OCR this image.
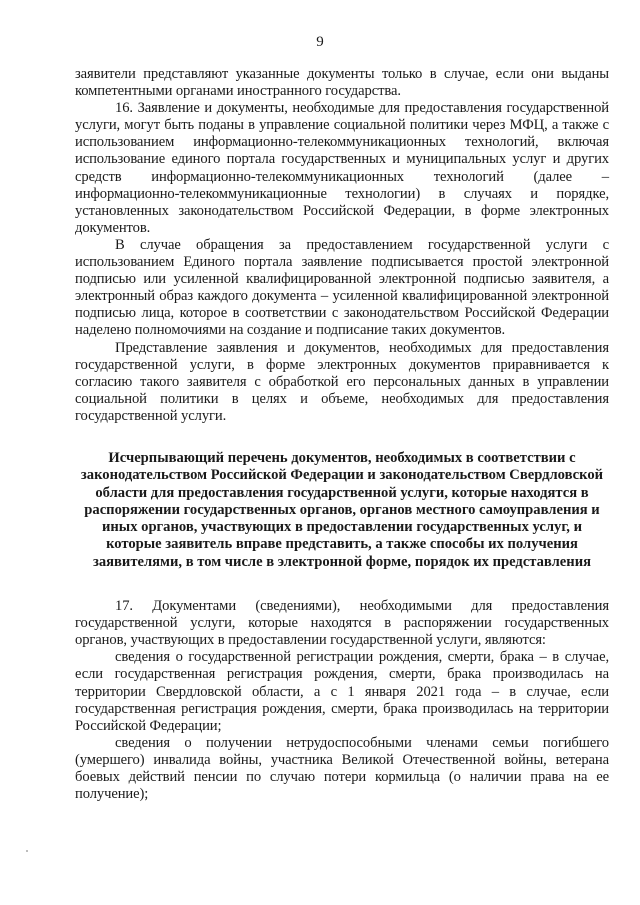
9

заявители представляют указанные документы только в случае, если они выданы компетентными органами иностранного государства.

16. Заявление и документы, необходимые для предоставления государственной услуги, могут быть поданы в управление социальной политики через МФЦ, а также с использованием информационно-телекоммуникационных технологий, включая использование единого портала государственных и муниципальных услуг и других средств информационно-телекоммуникационных технологий (далее – информационно-телекоммуникационные технологии) в случаях и порядке, установленных законодательством Российской Федерации, в форме электронных документов.

В случае обращения за предоставлением государственной услуги с использованием Единого портала заявление подписывается простой электронной подписью или усиленной квалифицированной электронной подписью заявителя, а электронный образ каждого документа – усиленной квалифицированной электронной подписью лица, которое в соответствии с законодательством Российской Федерации наделено полномочиями на создание и подписание таких документов.

Представление заявления и документов, необходимых для предоставления государственной услуги, в форме электронных документов приравнивается к согласию такого заявителя с обработкой его персональных данных в управлении социальной политики в целях и объеме, необходимых для предоставления государственной услуги.

Исчерпывающий перечень документов, необходимых в соответствии с законодательством Российской Федерации и законодательством Свердловской области для предоставления государственной услуги, которые находятся в распоряжении государственных органов, органов местного самоуправления и иных органов, участвующих в предоставлении государственных услуг, и которые заявитель вправе представить, а также способы их получения заявителями, в том числе в электронной форме, порядок их представления

17. Документами (сведениями), необходимыми для предоставления государственной услуги, которые находятся в распоряжении государственных органов, участвующих в предоставлении государственной услуги, являются:

сведения о государственной регистрации рождения, смерти, брака – в случае, если государственная регистрация рождения, смерти, брака производилась на территории Свердловской области, а с 1 января 2021 года – в случае, если государственная регистрация рождения, смерти, брака производилась на территории Российской Федерации;

сведения о получении нетрудоспособными членами семьи погибшего (умершего) инвалида войны, участника Великой Отечественной войны, ветерана боевых действий пенсии по случаю потери кормильца (о наличии права на ее получение);
